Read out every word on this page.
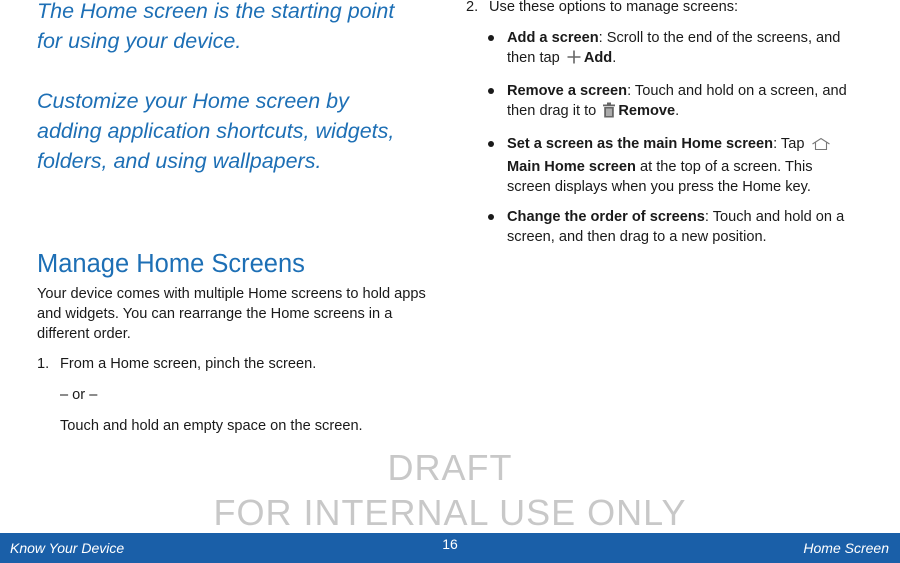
The Home screen is the starting point for using your device.

Customize your Home screen by adding application shortcuts, widgets, folders, and using wallpapers.

Manage Home Screens

Your device comes with multiple Home screens to hold apps and widgets. You can rearrange the Home screens in a different order.

1. From a Home screen, pinch the screen.

– or –

Touch and hold an empty space on the screen.

2. Use these options to manage screens:

Add a screen: Scroll to the end of the screens, and then tap Add.
Remove a screen: Touch and hold on a screen, and then drag it to Remove.
Set a screen as the main Home screen: Tap Main Home screen at the top of a screen. This screen displays when you press the Home key.
Change the order of screens: Touch and hold on a screen, and then drag to a new position.
DRAFT
FOR INTERNAL USE ONLY
Know Your Device	16	Home Screen
